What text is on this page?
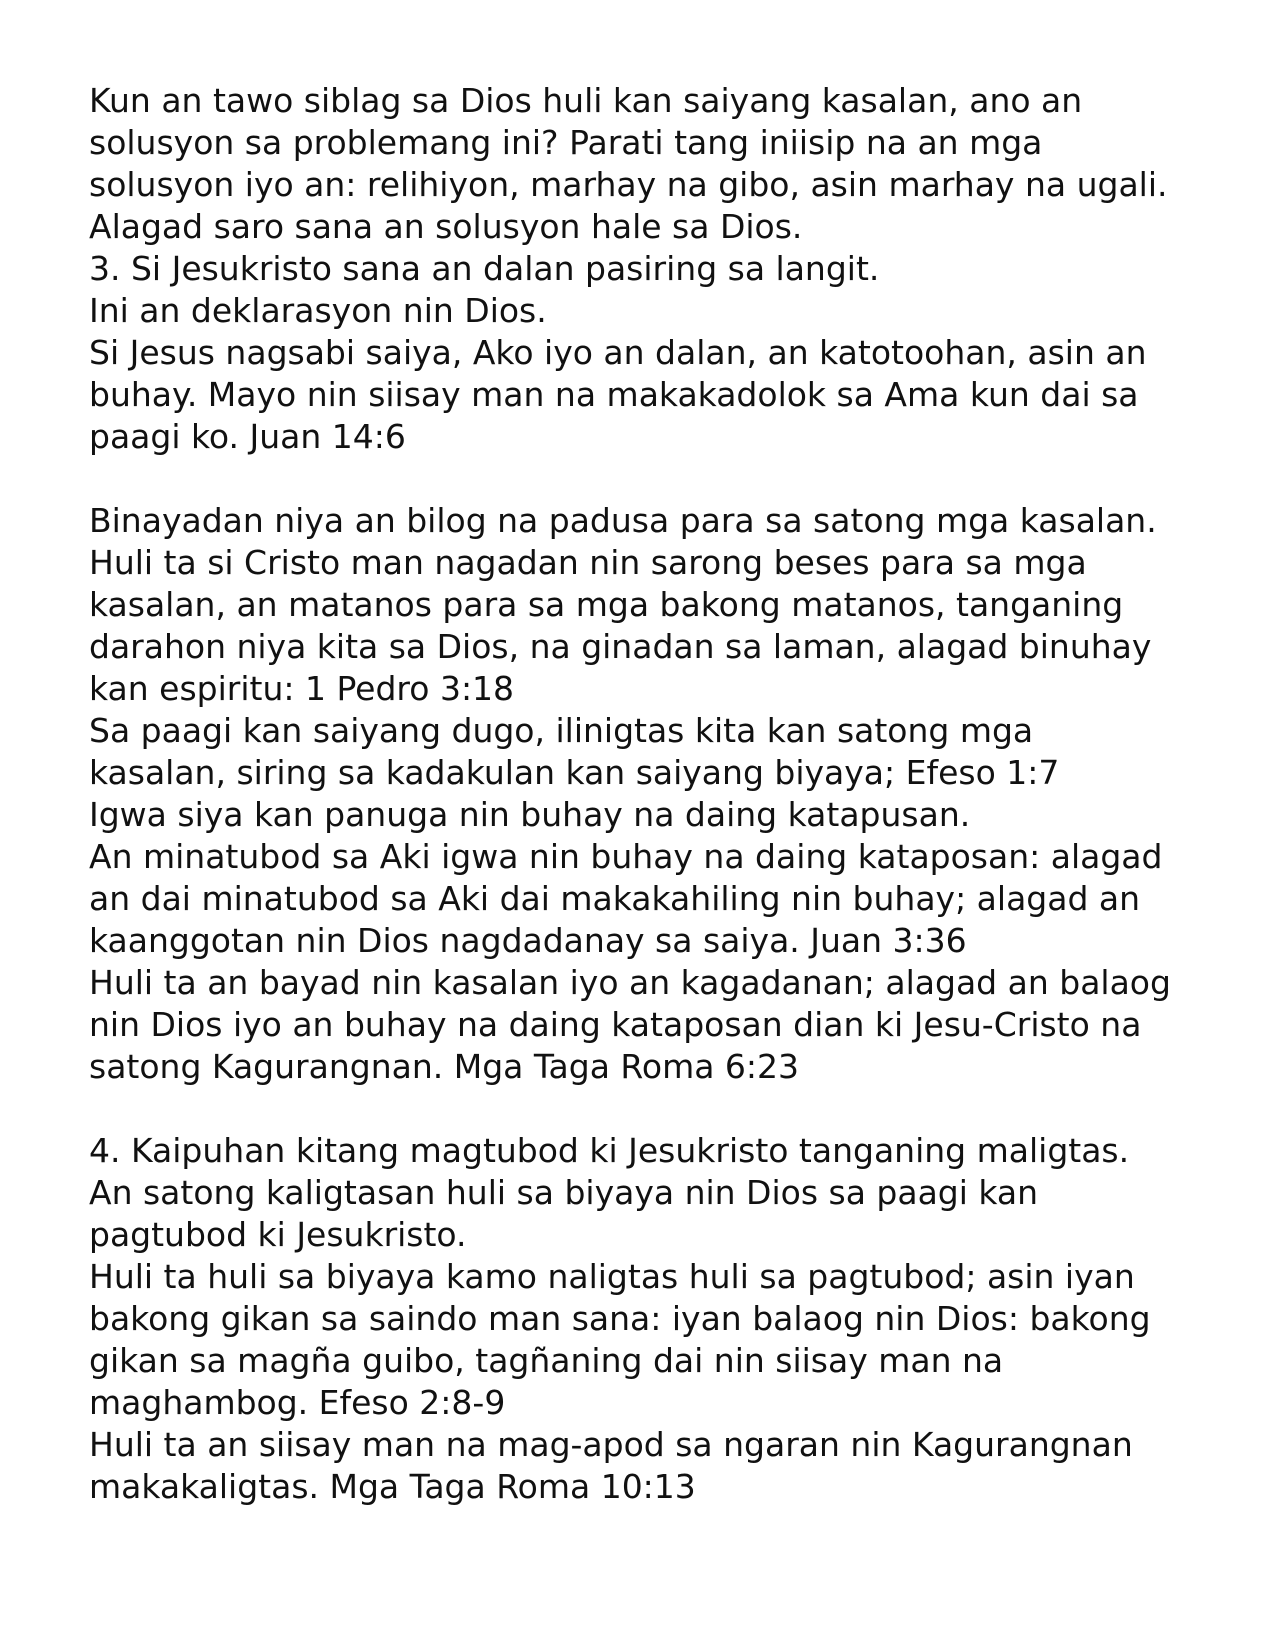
Kun an tawo siblag sa Dios huli kan saiyang kasalan, ano an
solusyon sa problemang ini? Parati tang iniisip na an mga
solusyon iyo an: relihiyon, marhay na gibo, asin marhay na ugali.
Alagad saro sana an solusyon hale sa Dios.
3. Si Jesukristo sana an dalan pasiring sa langit.
Ini an deklarasyon nin Dios.
Si Jesus nagsabi saiya, Ako iyo an dalan, an katotoohan, asin an
buhay. Mayo nin siisay man na makakadolok sa Ama kun dai sa
paagi ko. Juan 14:6
Binayadan niya an bilog na padusa para sa satong mga kasalan.
Huli ta si Cristo man nagadan nin sarong beses para sa mga
kasalan, an matanos para sa mga bakong matanos, tanganing
darahon niya kita sa Dios, na ginadan sa laman, alagad binuhay
kan espiritu: 1 Pedro 3:18
Sa paagi kan saiyang dugo, ilinigtas kita kan satong mga
kasalan, siring sa kadakulan kan saiyang biyaya; Efeso 1:7
Igwa siya kan panuga nin buhay na daing katapusan.
An minatubod sa Aki igwa nin buhay na daing kataposan: alagad
an dai minatubod sa Aki dai makakahiling nin buhay; alagad an
kaanggotan nin Dios nagdadanay sa saiya. Juan 3:36
Huli ta an bayad nin kasalan iyo an kagadanan; alagad an balaog
nin Dios iyo an buhay na daing kataposan dian ki Jesu-Cristo na
satong Kagurangnan. Mga Taga Roma 6:23
4. Kaipuhan kitang magtubod ki Jesukristo tanganing maligtas.
An satong kaligtasan huli sa biyaya nin Dios sa paagi kan
pagtubod ki Jesukristo.
Huli ta huli sa biyaya kamo naligtas huli sa pagtubod; asin iyan
bakong gikan sa saindo man sana: iyan balaog nin Dios: bakong
gikan sa magña guibo, tagñaning dai nin siisay man na
maghambog. Efeso 2:8-9
Huli ta an siisay man na mag-apod sa ngaran nin Kagurangnan
makakaligtas. Mga Taga Roma 10:13
